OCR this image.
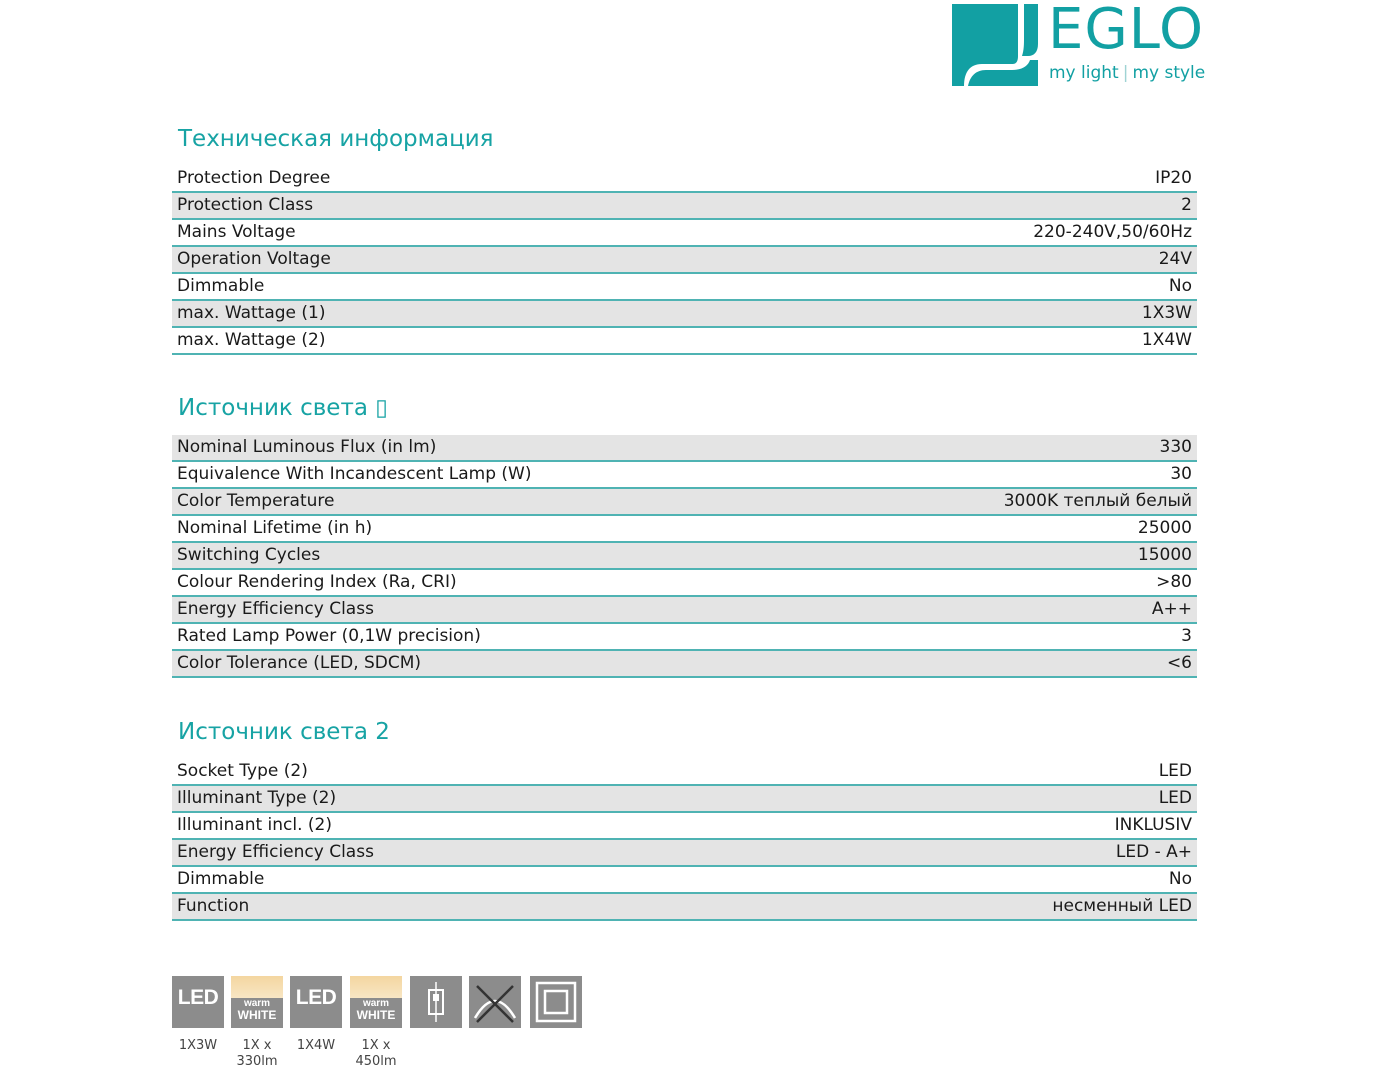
EGLO
my light | my style
Техническая информация
Protection Degree	IP20
Protection Class	2
Mains Voltage	220-240V,50/60Hz
Operation Voltage	24V
Dimmable	No
max. Wattage (1)	1X3W
max. Wattage (2)	1X4W
Источник света ▯
Nominal Luminous Flux (in lm)	330
Equivalence With Incandescent Lamp (W)	30
Color Temperature	3000K теплый белый
Nominal Lifetime (in h)	25000
Switching Cycles	15000
Colour Rendering Index (Ra, CRI)	>80
Energy Efficiency Class	A++
Rated Lamp Power (0,1W precision)	3
Color Tolerance (LED, SDCM)	<6
Источник света 2
Socket Type (2)	LED
Illuminant Type (2)	LED
Illuminant incl. (2)	INKLUSIV
Energy Efficiency Class	LED - A+
Dimmable	No
Function	несменный LED
LED
1X3W
warm
WHITE
1X x
330lm
LED
1X4W
warm
WHITE
1X x
450lm
